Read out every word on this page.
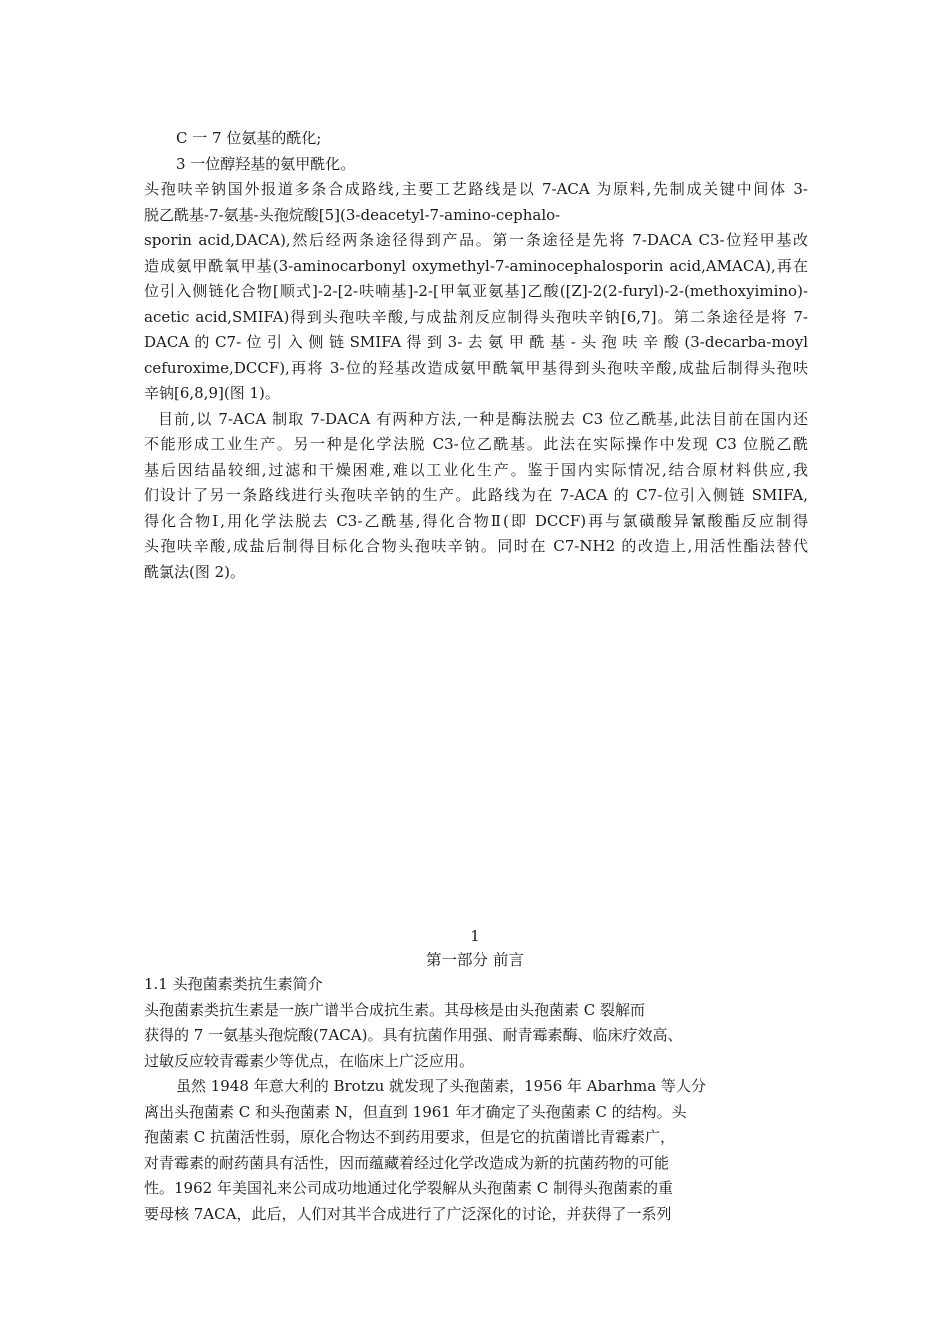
C 一 7 位氨基的酰化;
3 一位醇羟基的氨甲酰化。
头孢呋辛钠国外报道多条合成路线,主要工艺路线是以 7-ACA 为原料,先制成关键中间体 3-
脱乙酰基-7-氨基-头孢烷酸[5](3-deacetyl-7-amino-cephalo-
sporin acid,DACA),然后经两条途径得到产品。第一条途径是先将 7-DACA C3-位羟甲基改
造成氨甲酰氧甲基(3-aminocarbonyl oxymethyl-7-aminocephalosporin acid,AMACA),再在
位引入侧链化合物[顺式]-2-[2-呋喃基]-2-[甲氧亚氨基]乙酸([Z]-2(2-furyl)-2-(methoxyimino)-
acetic acid,SMIFA)得到头孢呋辛酸,与成盐剂反应制得头孢呋辛钠[6,7]。第二条途径是将 7-
DACA 的 C7- 位 引 入 侧 链 SMIFA 得 到 3- 去 氨 甲 酰 基 - 头 孢 呋 辛 酸 (3-decarba-moyl
cefuroxime,DCCF),再将 3-位的羟基改造成氨甲酰氧甲基得到头孢呋辛酸,成盐后制得头孢呋
辛钠[6,8,9](图 1)。
目前,以 7-ACA 制取 7-DACA 有两种方法,一种是酶法脱去 C3 位乙酰基,此法目前在国内还
不能形成工业生产。另一种是化学法脱 C3-位乙酰基。此法在实际操作中发现 C3 位脱乙酰
基后因结晶较细,过滤和干燥困难,难以工业化生产。鉴于国内实际情况,结合原材料供应,我
们设计了另一条路线进行头孢呋辛钠的生产。此路线为在 7-ACA 的 C7-位引入侧链 SMIFA,
得化合物Ⅰ,用化学法脱去 C3-乙酰基,得化合物Ⅱ(即 DCCF)再与氯磺酸异氰酸酯反应制得
头孢呋辛酸,成盐后制得目标化合物头孢呋辛钠。同时在 C7-NH2 的改造上,用活性酯法替代
酰氯法(图 2)。
1
第一部分 前言
1.1 头孢菌素类抗生素简介
头孢菌素类抗生素是一族广谱半合成抗生素。其母核是由头孢菌素 C 裂解而
获得的 7 一氨基头孢烷酸(7ACA)。具有抗菌作用强、耐青霉素酶、临床疗效高、
过敏反应较青霉素少等优点，在临床上广泛应用。
虽然 1948 年意大利的 Brotzu 就发现了头孢菌素，1956 年 Abarhma 等人分
离出头孢菌素 C 和头孢菌素 N，但直到 1961 年才确定了头孢菌素 C 的结构。头
孢菌素 C 抗菌活性弱，原化合物达不到药用要求，但是它的抗菌谱比青霉素广，
对青霉素的耐药菌具有活性，因而蕴藏着经过化学改造成为新的抗菌药物的可能
性。1962 年美国礼来公司成功地通过化学裂解从头孢菌素 C 制得头孢菌素的重
要母核 7ACA，此后，人们对其半合成进行了广泛深化的讨论，并获得了一系列
